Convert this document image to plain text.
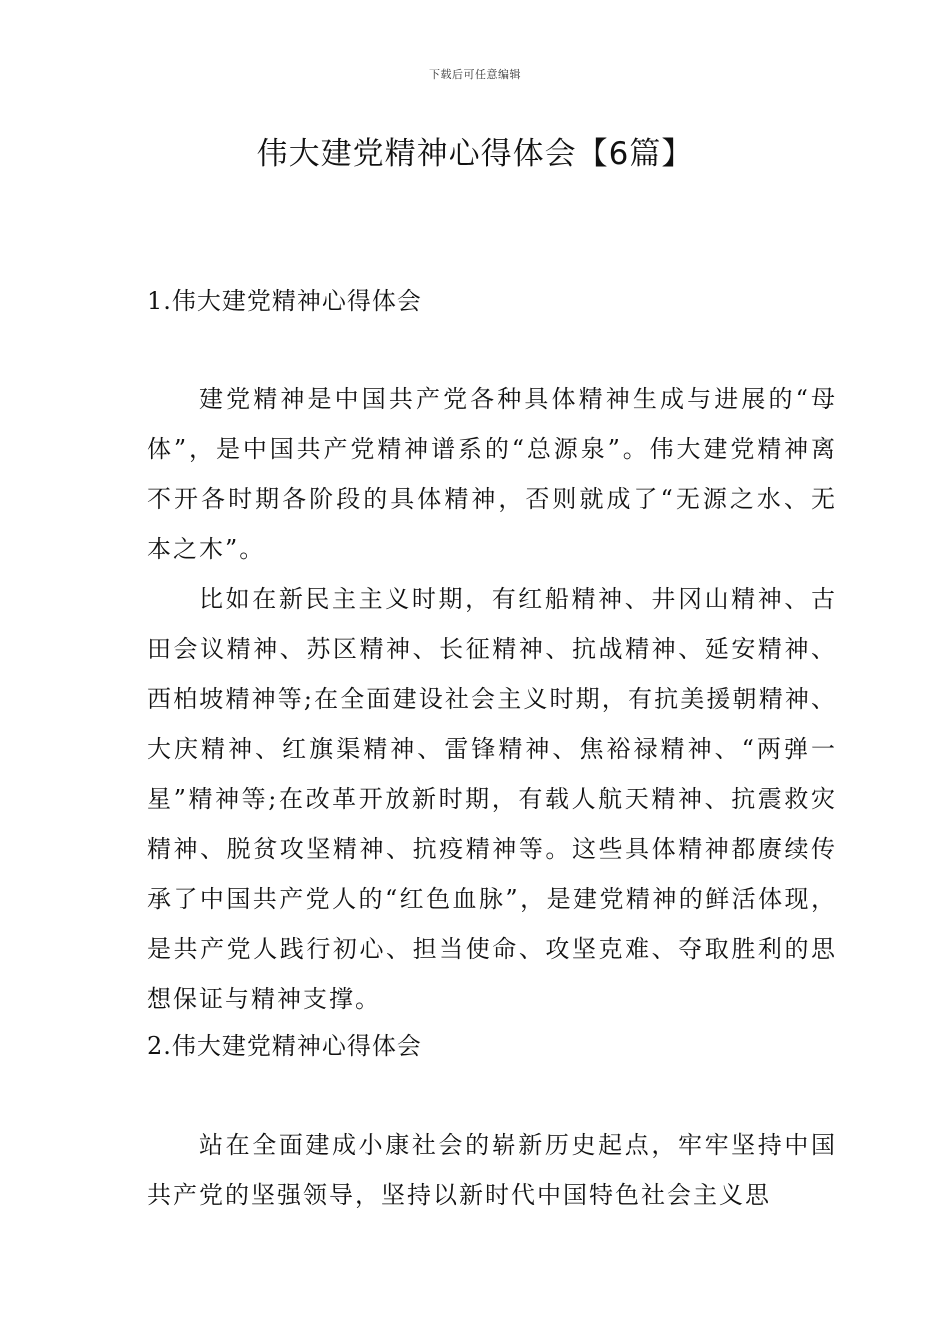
下载后可任意编辑
伟大建党精神心得体会【6篇】
1.伟大建党精神心得体会

建党精神是中国共产党各种具体精神生成与进展的“母体”，是中国共产党精神谱系的“总源泉”。伟大建党精神离不开各时期各阶段的具体精神，否则就成了“无源之水、无本之木”。

比如在新民主主义时期，有红船精神、井冈山精神、古田会议精神、苏区精神、长征精神、抗战精神、延安精神、西柏坡精神等;在全面建设社会主义时期，有抗美援朝精神、大庆精神、红旗渠精神、雷锋精神、焦裕禄精神、“两弹一星”精神等;在改革开放新时期，有载人航天精神、抗震救灾精神、脱贫攻坚精神、抗疫精神等。这些具体精神都赓续传承了中国共产党人的“红色血脉”，是建党精神的鲜活体现，是共产党人践行初心、担当使命、攻坚克难、夺取胜利的思想保证与精神支撑。

2.伟大建党精神心得体会

站在全面建成小康社会的崭新历史起点，牢牢坚持中国共产党的坚强领导，坚持以新时代中国特色社会主义思
